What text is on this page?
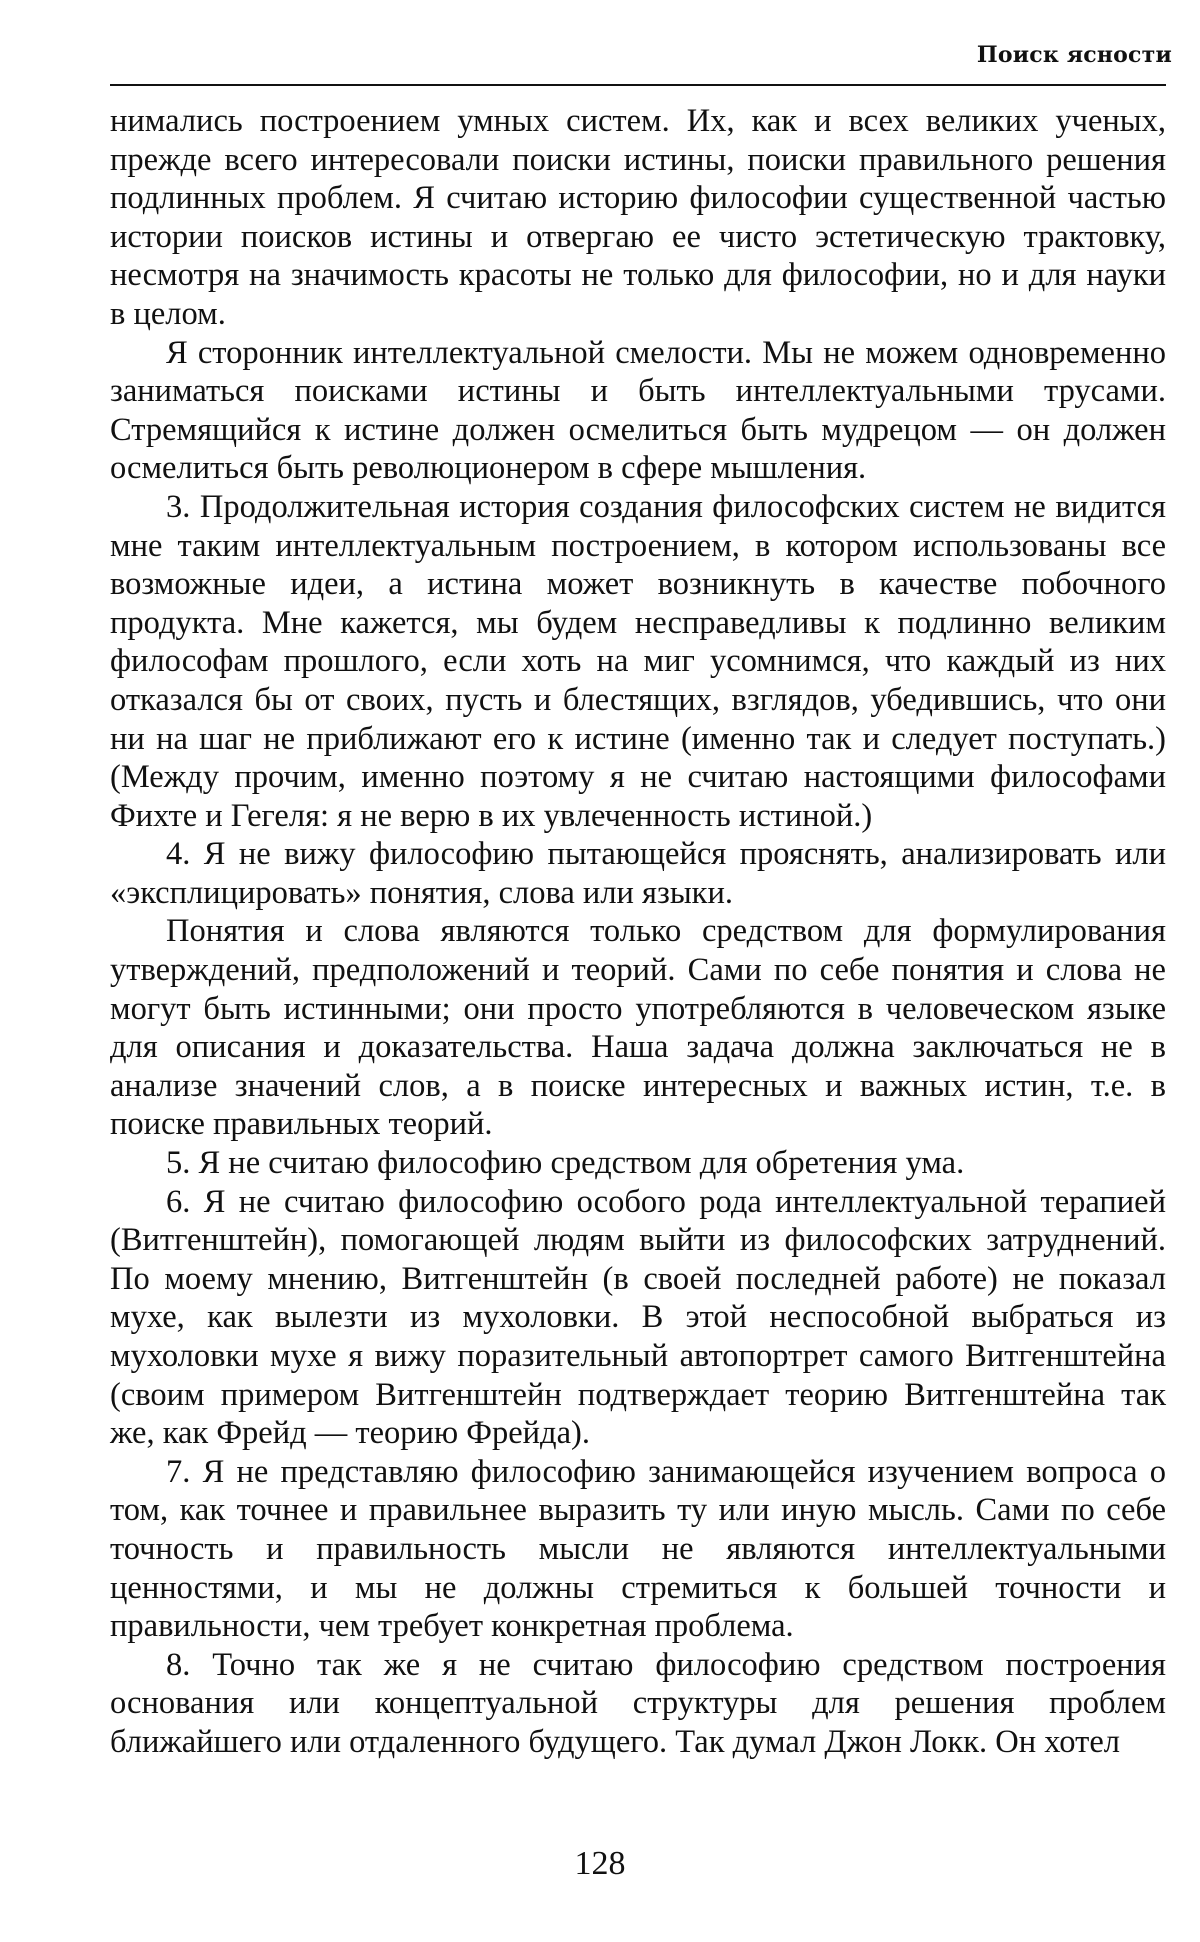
Поиск ясности

нимались построением умных систем. Их, как и всех великих ученых, прежде всего интересовали поиски истины, поиски правильного решения подлинных проблем. Я считаю историю философии существенной частью истории поисков истины и отвергаю ее чисто эстетическую трактовку, несмотря на значимость красоты не только для философии, но и для науки в целом.

Я сторонник интеллектуальной смелости. Мы не можем одновременно заниматься поисками истины и быть интеллектуальными трусами. Стремящийся к истине должен осмелиться быть мудрецом — он должен осмелиться быть революционером в сфере мышления.

3. Продолжительная история создания философских систем не видится мне таким интеллектуальным построением, в котором использованы все возможные идеи, а истина может возникнуть в качестве побочного продукта. Мне кажется, мы будем несправедливы к подлинно великим философам прошлого, если хоть на миг усомнимся, что каждый из них отказался бы от своих, пусть и блестящих, взглядов, убедившись, что они ни на шаг не приближают его к истине (именно так и следует поступать.) (Между прочим, именно поэтому я не считаю настоящими философами Фихте и Гегеля: я не верю в их увлеченность истиной.)

4. Я не вижу философию пытающейся прояснять, анализировать или «эксплицировать» понятия, слова или языки.

Понятия и слова являются только средством для формулирования утверждений, предположений и теорий. Сами по себе понятия и слова не могут быть истинными; они просто употребляются в человеческом языке для описания и доказательства. Наша задача должна заключаться не в анализе значений слов, а в поиске интересных и важных истин, т.е. в поиске правильных теорий.

5. Я не считаю философию средством для обретения ума.

6. Я не считаю философию особого рода интеллектуальной терапией (Витгенштейн), помогающей людям выйти из философских затруднений. По моему мнению, Витгенштейн (в своей последней работе) не показал мухе, как вылезти из мухоловки. В этой неспособной выбраться из мухоловки мухе я вижу поразительный автопортрет самого Витгенштейна (своим примером Витгенштейн подтверждает теорию Витгенштейна так же, как Фрейд — теорию Фрейда).

7. Я не представляю философию занимающейся изучением вопроса о том, как точнее и правильнее выразить ту или иную мысль. Сами по себе точность и правильность мысли не являются интеллектуальными ценностями, и мы не должны стремиться к большей точности и правильности, чем требует конкретная проблема.

8. Точно так же я не считаю философию средством построения основания или концептуальной структуры для решения проблем ближайшего или отдаленного будущего. Так думал Джон Локк. Он хотел

128
